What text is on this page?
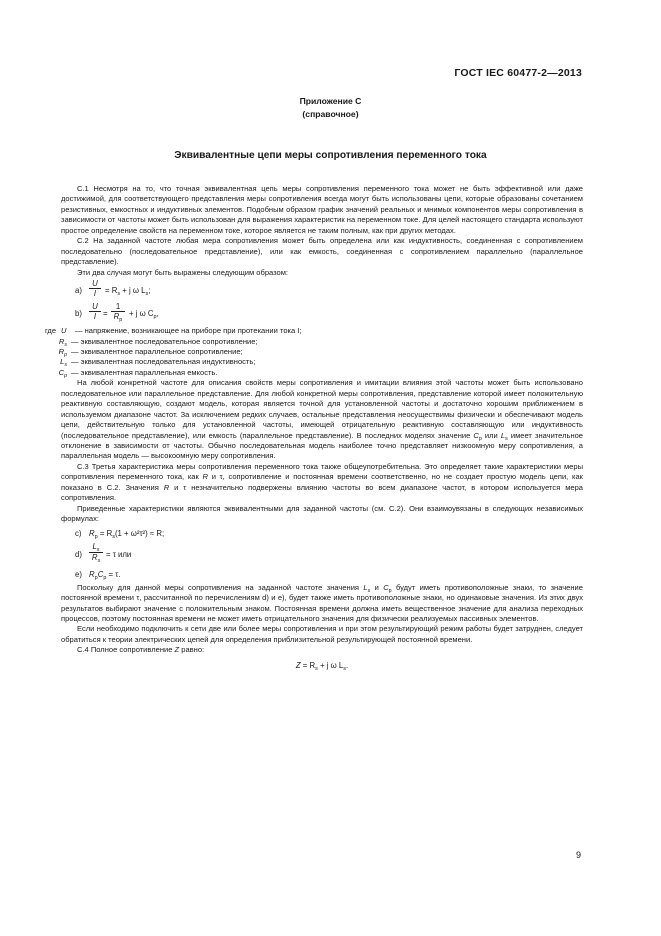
ГОСТ IEC 60477-2—2013
Приложение С
(справочное)
Эквивалентные цепи меры сопротивления переменного тока

С.1 Несмотря на то, что точная эквивалентная цепь меры сопротивления переменного тока может не быть эффективной или даже достижимой, для соответствующего представления меры сопротивления всегда могут быть использованы цепи, которые образованы сочетанием резистивных, емкостных и индуктивных элементов. Подобным образом график значений реальных и мнимых компонентов меры сопротивления в зависимости от частоты может быть использован для выражения характеристик на переменном токе. Для целей настоящего стандарта используют простое определение свойств на переменном токе, которое является не таким полным, как при других методах.

С.2 На заданной частоте любая мера сопротивления может быть определена или как индуктивность, соединенная с сопротивлением последовательно (последовательное представление), или как емкость, соединенная с сопротивлением параллельно (параллельное представление).

Эти два случая могут быть выражены следующим образом:

а)
U
I	= $R_s + j$ ω $L_s$;
b)
U
I =
1
$R_p$
+ j ω $C_p$,
где U	— напряжение, возникающее на приборе при протекании тока I;
$R_s$ — эквивалентное последовательное сопротивление;
$R_p$ — эквивалентное параллельное сопротивление;
$L_s$ — эквивалентная последовательная индуктивность;
$C_p$ — эквивалентная параллельная емкость.

На любой конкретной частоте для описания свойств меры сопротивления и имитации влияния этой частоты может быть использовано последовательное или параллельное представление. Для любой конкретной меры сопротивления, представление которой имеет положительную реактивную составляющую, создают модель, которая является точной для установленной частоты и достаточно хорошим приближением в используемом диапазоне частот. За исключением редких случаев, остальные представления неосуществимы физически и обеспечивают модель цепи, действительную только для установленной частоты, имеющей отрицательную реактивную составляющую или индуктивность (последовательное представление), или емкость (параллельное представление). В последних моделях значение $C_p$ или $L_s$ имеет значительное отклонение в зависимости от частоты. Обычно последовательная модель наиболее точно представляет низкоомную меру сопротивления, а параллельная модель — высокоомную меру сопротивления.

С.3 Третья характеристика меры сопротивления переменного тока также общеупотребительна. Это определяет такие характеристики меры сопротивления переменного тока, как R и τ, сопротивление и постоянная времени соответственно, но не создает простую модель цепи, как показано в С.2. Значения R и τ незначительно подвержены влиянию частоты во всем диапазоне частот, в котором используется мера сопротивления.

Приведенные характеристики являются эквивалентными для заданной частоты (см. С.2). Они взаимоувязаны в следующих независимых формулах:

с) $R_p = R_s(1 + \omega^2\tau^2) \approx R$;
d)
$L_s$
$R_s$
= τ или
е) $R_pC_p = \tau$.

Поскольку для данной меры сопротивления на заданной частоте значения $L_s$ и $C_p$ будут иметь противоположные знаки, то значение постоянной времени τ, рассчитанной по перечислениям d) и e), будет также иметь противоположные знаки, но одинаковые значения. Из этих двух результатов выбирают значение с положительным знаком. Постоянная времени должна иметь вещественное значение для анализа переходных процессов, поэтому постоянная времени не может иметь отрицательного значения для физически реализуемых пассивных элементов.

Если необходимо подключить к сети две или более меры сопротивления и при этом результирующий режим работы будет затруднен, следует обратиться к теории электрических цепей для определения приблизительной результирующей постоянной времени.

С.4 Полное сопротивление Z равно:

$Z = R_s + j$ ω $L_s$.
9
